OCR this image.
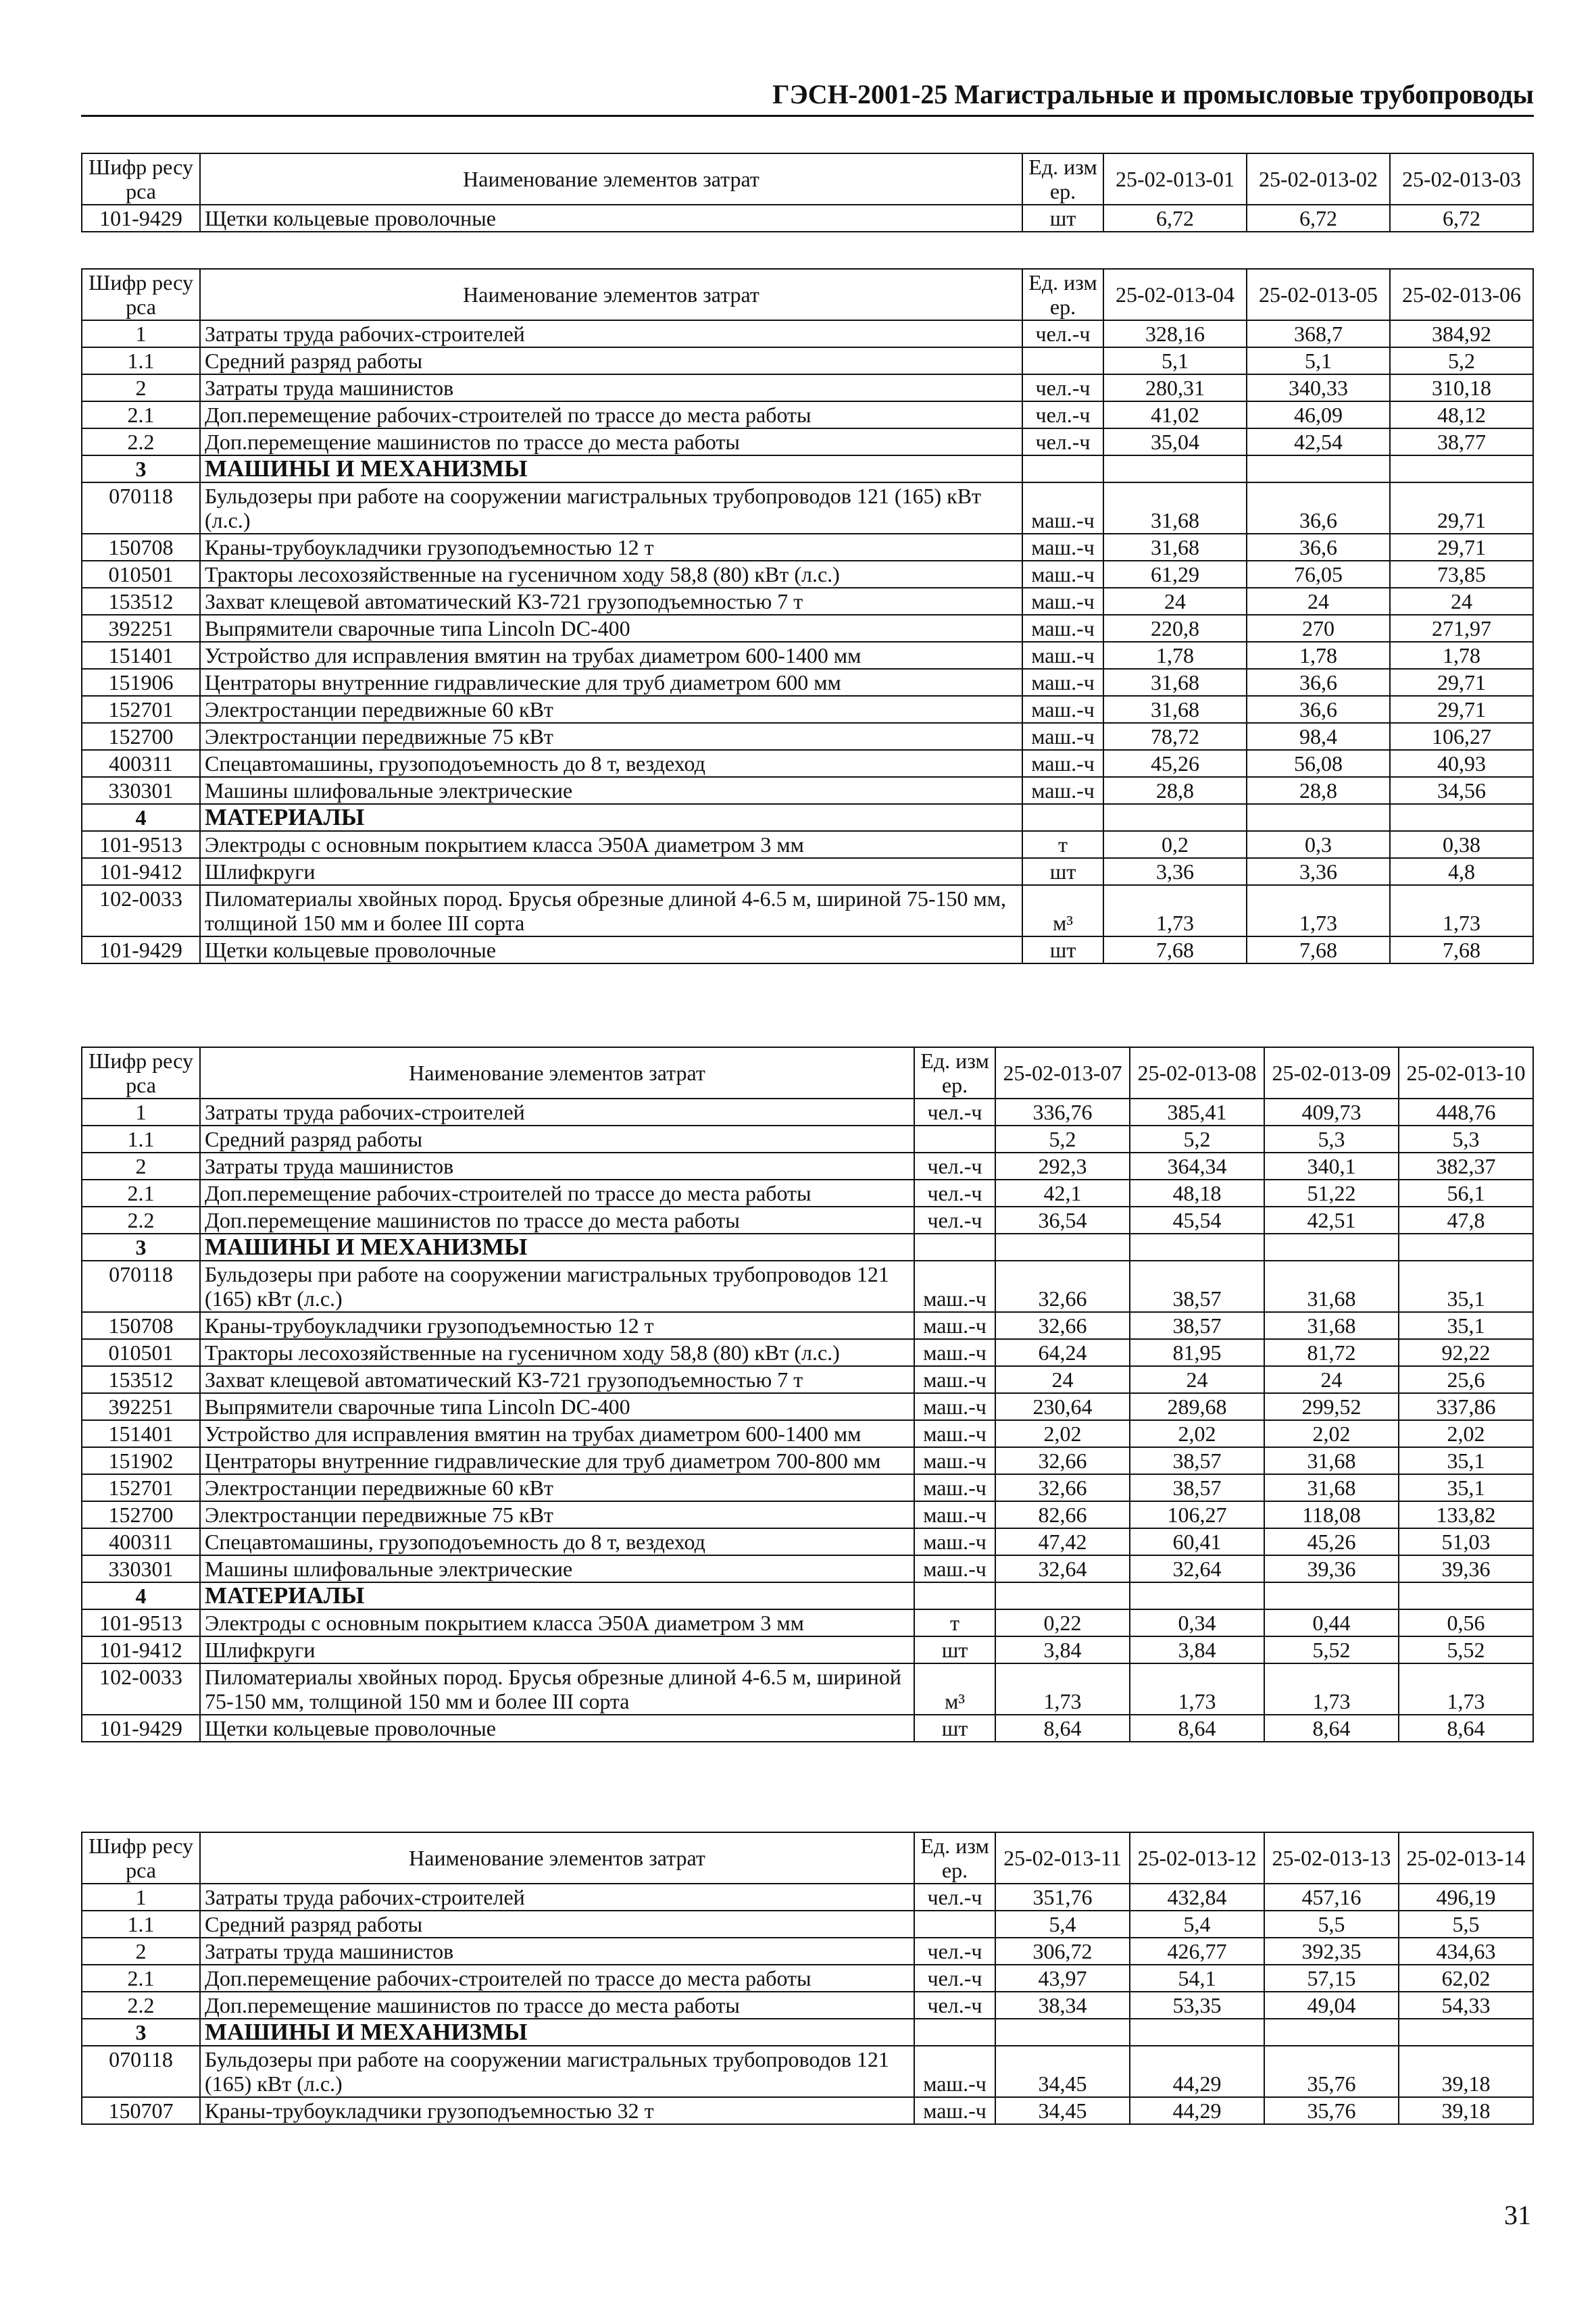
ГЭСН-2001-25 Магистральные и промысловые трубопроводы
Шифр ресурса	Наименование элементов затрат	Ед. измер.	25-02-013-01	25-02-013-02	25-02-013-03
101-9429	Щетки кольцевые проволочные	шт	6,72	6,72	6,72
Шифр ресурса	Наименование элементов затрат	Ед. измер.	25-02-013-04	25-02-013-05	25-02-013-06
1	Затраты труда рабочих-строителей	чел.-ч	328,16	368,7	384,92
1.1	Средний разряд работы		5,1	5,1	5,2
2	Затраты труда машинистов	чел.-ч	280,31	340,33	310,18
2.1	Доп.перемещение рабочих-строителей по трассе до места работы	чел.-ч	41,02	46,09	48,12
2.2	Доп.перемещение машинистов по трассе до места работы	чел.-ч	35,04	42,54	38,77
3	МАШИНЫ И МЕХАНИЗМЫ				
070118	Бульдозеры при работе на сооружении магистральных трубопроводов 121 (165) кВт (л.с.)	маш.-ч	31,68	36,6	29,71
150708	Краны-трубоукладчики грузоподъемностью 12 т	маш.-ч	31,68	36,6	29,71
010501	Тракторы лесохозяйственные на гусеничном ходу 58,8 (80) кВт (л.с.)	маш.-ч	61,29	76,05	73,85
153512	Захват клещевой автоматический КЗ-721 грузоподъемностью 7 т	маш.-ч	24	24	24
392251	Выпрямители сварочные типа Lincoln DC-400	маш.-ч	220,8	270	271,97
151401	Устройство для исправления вмятин на трубах диаметром 600-1400 мм	маш.-ч	1,78	1,78	1,78
151906	Центраторы внутренние гидравлические для труб диаметром 600 мм	маш.-ч	31,68	36,6	29,71
152701	Электростанции передвижные 60 кВт	маш.-ч	31,68	36,6	29,71
152700	Электростанции передвижные 75 кВт	маш.-ч	78,72	98,4	106,27
400311	Спецавтомашины, грузоподоъемность до 8 т, вездеход	маш.-ч	45,26	56,08	40,93
330301	Машины шлифовальные электрические	маш.-ч	28,8	28,8	34,56
4	МАТЕРИАЛЫ				
101-9513	Электроды с основным покрытием класса Э50А диаметром 3 мм	т	0,2	0,3	0,38
101-9412	Шлифкруги	шт	3,36	3,36	4,8
102-0033	Пиломатериалы хвойных пород. Брусья обрезные длиной 4-6.5 м, шириной 75-150 мм, толщиной 150 мм и более III сорта	м³	1,73	1,73	1,73
101-9429	Щетки кольцевые проволочные	шт	7,68	7,68	7,68
Шифр ресурса	Наименование элементов затрат	Ед. измер.	25-02-013-07	25-02-013-08	25-02-013-09	25-02-013-10
1	Затраты труда рабочих-строителей	чел.-ч	336,76	385,41	409,73	448,76
1.1	Средний разряд работы		5,2	5,2	5,3	5,3
2	Затраты труда машинистов	чел.-ч	292,3	364,34	340,1	382,37
2.1	Доп.перемещение рабочих-строителей по трассе до места работы	чел.-ч	42,1	48,18	51,22	56,1
2.2	Доп.перемещение машинистов по трассе до места работы	чел.-ч	36,54	45,54	42,51	47,8
3	МАШИНЫ И МЕХАНИЗМЫ					
070118	Бульдозеры при работе на сооружении магистральных трубопроводов 121 (165) кВт (л.с.)	маш.-ч	32,66	38,57	31,68	35,1
150708	Краны-трубоукладчики грузоподъемностью 12 т	маш.-ч	32,66	38,57	31,68	35,1
010501	Тракторы лесохозяйственные на гусеничном ходу 58,8 (80) кВт (л.с.)	маш.-ч	64,24	81,95	81,72	92,22
153512	Захват клещевой автоматический КЗ-721 грузоподъемностью 7 т	маш.-ч	24	24	24	25,6
392251	Выпрямители сварочные типа Lincoln DC-400	маш.-ч	230,64	289,68	299,52	337,86
151401	Устройство для исправления вмятин на трубах диаметром 600-1400 мм	маш.-ч	2,02	2,02	2,02	2,02
151902	Центраторы внутренние гидравлические для труб диаметром 700-800 мм	маш.-ч	32,66	38,57	31,68	35,1
152701	Электростанции передвижные 60 кВт	маш.-ч	32,66	38,57	31,68	35,1
152700	Электростанции передвижные 75 кВт	маш.-ч	82,66	106,27	118,08	133,82
400311	Спецавтомашины, грузоподоъемность до 8 т, вездеход	маш.-ч	47,42	60,41	45,26	51,03
330301	Машины шлифовальные электрические	маш.-ч	32,64	32,64	39,36	39,36
4	МАТЕРИАЛЫ					
101-9513	Электроды с основным покрытием класса Э50А диаметром 3 мм	т	0,22	0,34	0,44	0,56
101-9412	Шлифкруги	шт	3,84	3,84	5,52	5,52
102-0033	Пиломатериалы хвойных пород. Брусья обрезные длиной 4-6.5 м, шириной 75-150 мм, толщиной 150 мм и более III сорта	м³	1,73	1,73	1,73	1,73
101-9429	Щетки кольцевые проволочные	шт	8,64	8,64	8,64	8,64
Шифр ресурса	Наименование элементов затрат	Ед. измер.	25-02-013-11	25-02-013-12	25-02-013-13	25-02-013-14
1	Затраты труда рабочих-строителей	чел.-ч	351,76	432,84	457,16	496,19
1.1	Средний разряд работы		5,4	5,4	5,5	5,5
2	Затраты труда машинистов	чел.-ч	306,72	426,77	392,35	434,63
2.1	Доп.перемещение рабочих-строителей по трассе до места работы	чел.-ч	43,97	54,1	57,15	62,02
2.2	Доп.перемещение машинистов по трассе до места работы	чел.-ч	38,34	53,35	49,04	54,33
3	МАШИНЫ И МЕХАНИЗМЫ					
070118	Бульдозеры при работе на сооружении магистральных трубопроводов 121 (165) кВт (л.с.)	маш.-ч	34,45	44,29	35,76	39,18
150707	Краны-трубоукладчики грузоподъемностью 32 т	маш.-ч	34,45	44,29	35,76	39,18
31
